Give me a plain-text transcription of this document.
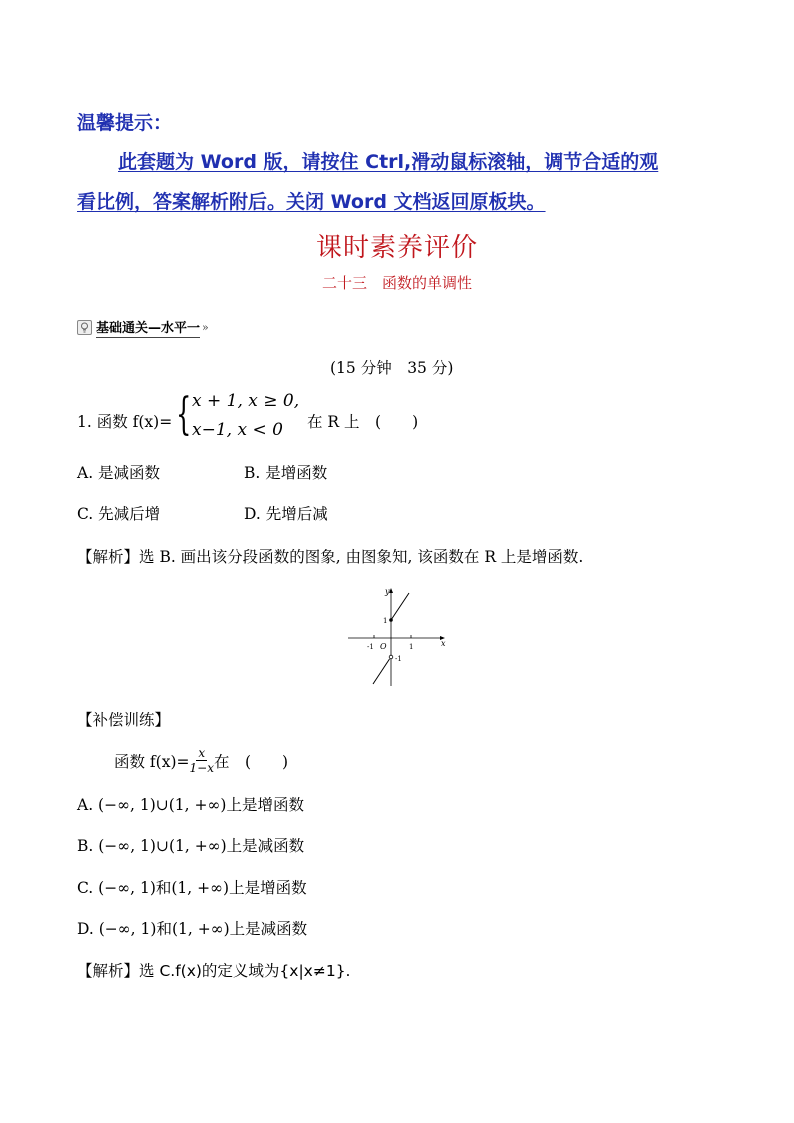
温馨提示：
此套题为 Word 版，请按住 Ctrl,滑动鼠标滚轴，调节合适的观
看比例，答案解析附后。关闭 Word 文档返回原板块。
课时素养评价
二十三　函数的单调性
基础通关—水平一 »
(15 分钟　35 分)
1. 函数 f(x)= { x + 1, x ≥ 0,
x−1, x < 0 在 R 上　(　　)
A. 是减函数	B. 是增函数
C. 先减后增	D. 先增后减
【解析】选 B. 画出该分段函数的图象, 由图象知, 该函数在 R 上是增函数.
y
x
O
-1	1
1
-1
【补偿训练】
函数 $f(x)= \frac{x}{1-x}$ 在　(　　)
A. (−∞, 1)∪(1, +∞)上是增函数
B. (−∞, 1)∪(1, +∞)上是减函数
C. (−∞, 1)和(1, +∞)上是增函数
D. (−∞, 1)和(1, +∞)上是减函数
【解析】选 C.f(x)的定义域为{x|x≠1}.
